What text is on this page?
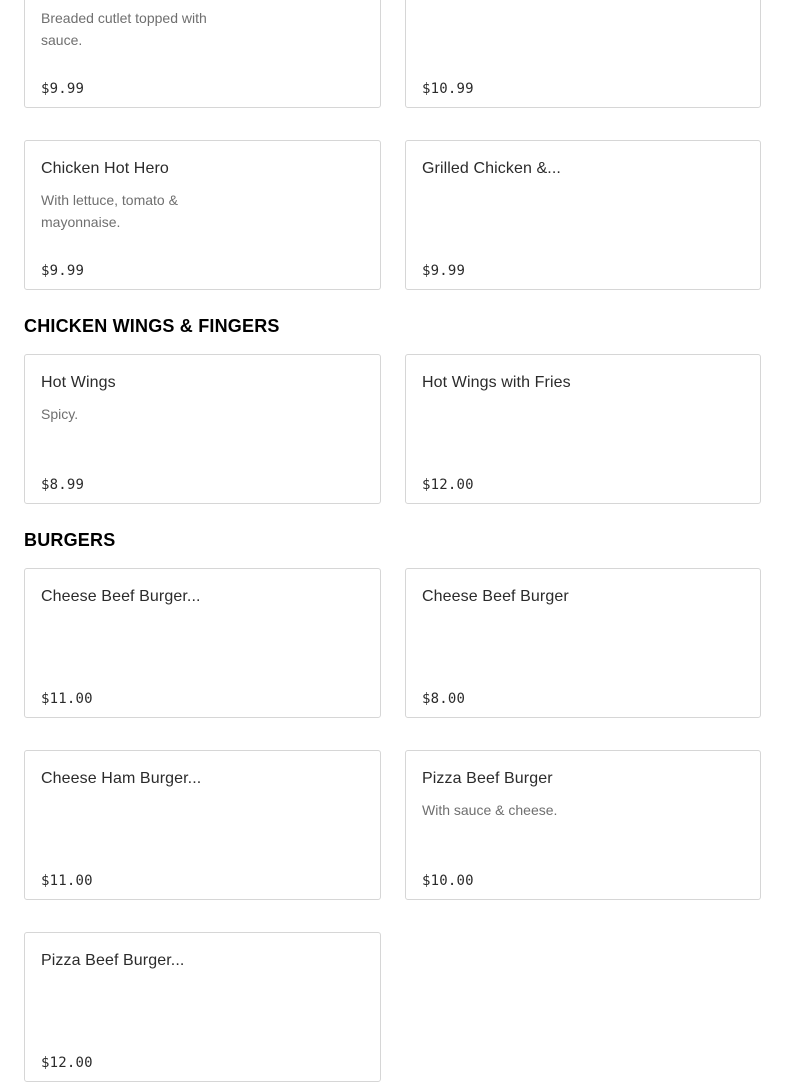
Breaded cutlet topped with sauce.
$9.99	$10.99
Chicken Hot Hero
With lettuce, tomato & mayonnaise.
$9.99
Grilled Chicken &...
$9.99
CHICKEN WINGS & FINGERS
Hot Wings
Spicy.
$8.99
Hot Wings with Fries
$12.00
BURGERS
Cheese Beef Burger...
$11.00
Cheese Beef Burger
$8.00
Cheese Ham Burger...
$11.00
Pizza Beef Burger
With sauce & cheese.
$10.00
Pizza Beef Burger...
$12.00
